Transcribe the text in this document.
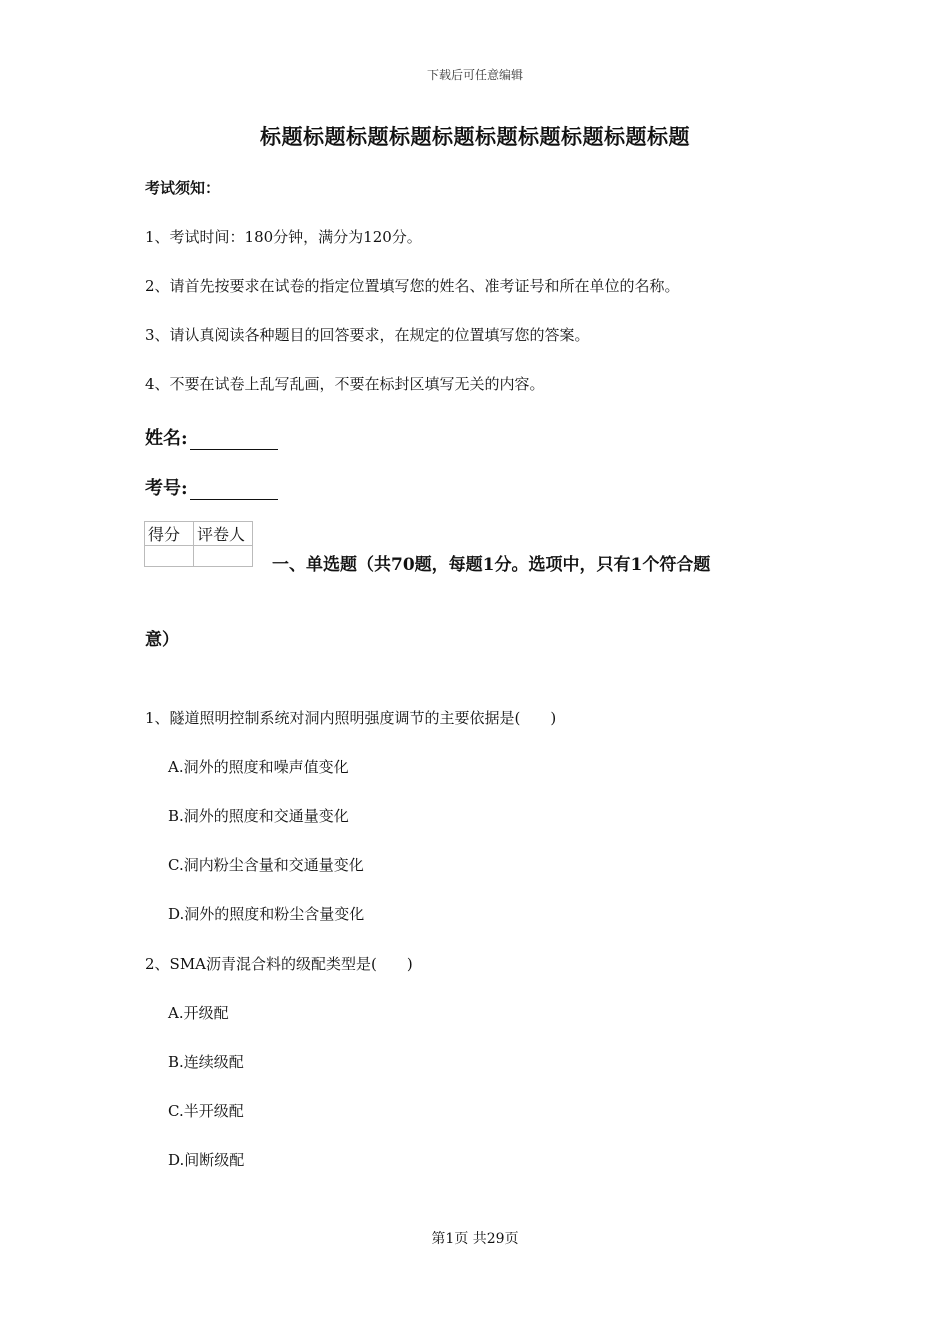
下载后可任意编辑
标题标题标题标题标题标题标题标题标题标题
考试须知：
1、考试时间：180分钟，满分为120分。
2、请首先按要求在试卷的指定位置填写您的姓名、准考证号和所在单位的名称。
3、请认真阅读各种题目的回答要求，在规定的位置填写您的答案。
4、不要在试卷上乱写乱画，不要在标封区填写无关的内容。
姓名:
考号:
得分	评卷人

一、单选题（共70题，每题1分。选项中，只有1个符合题
意）
1、隧道照明控制系统对洞内照明强度调节的主要依据是(　　)
A.洞外的照度和噪声值变化
B.洞外的照度和交通量变化
C.洞内粉尘含量和交通量变化
D.洞外的照度和粉尘含量变化
2、SMA沥青混合料的级配类型是(　　)
A.开级配
B.连续级配
C.半开级配
D.间断级配
第1页 共29页
